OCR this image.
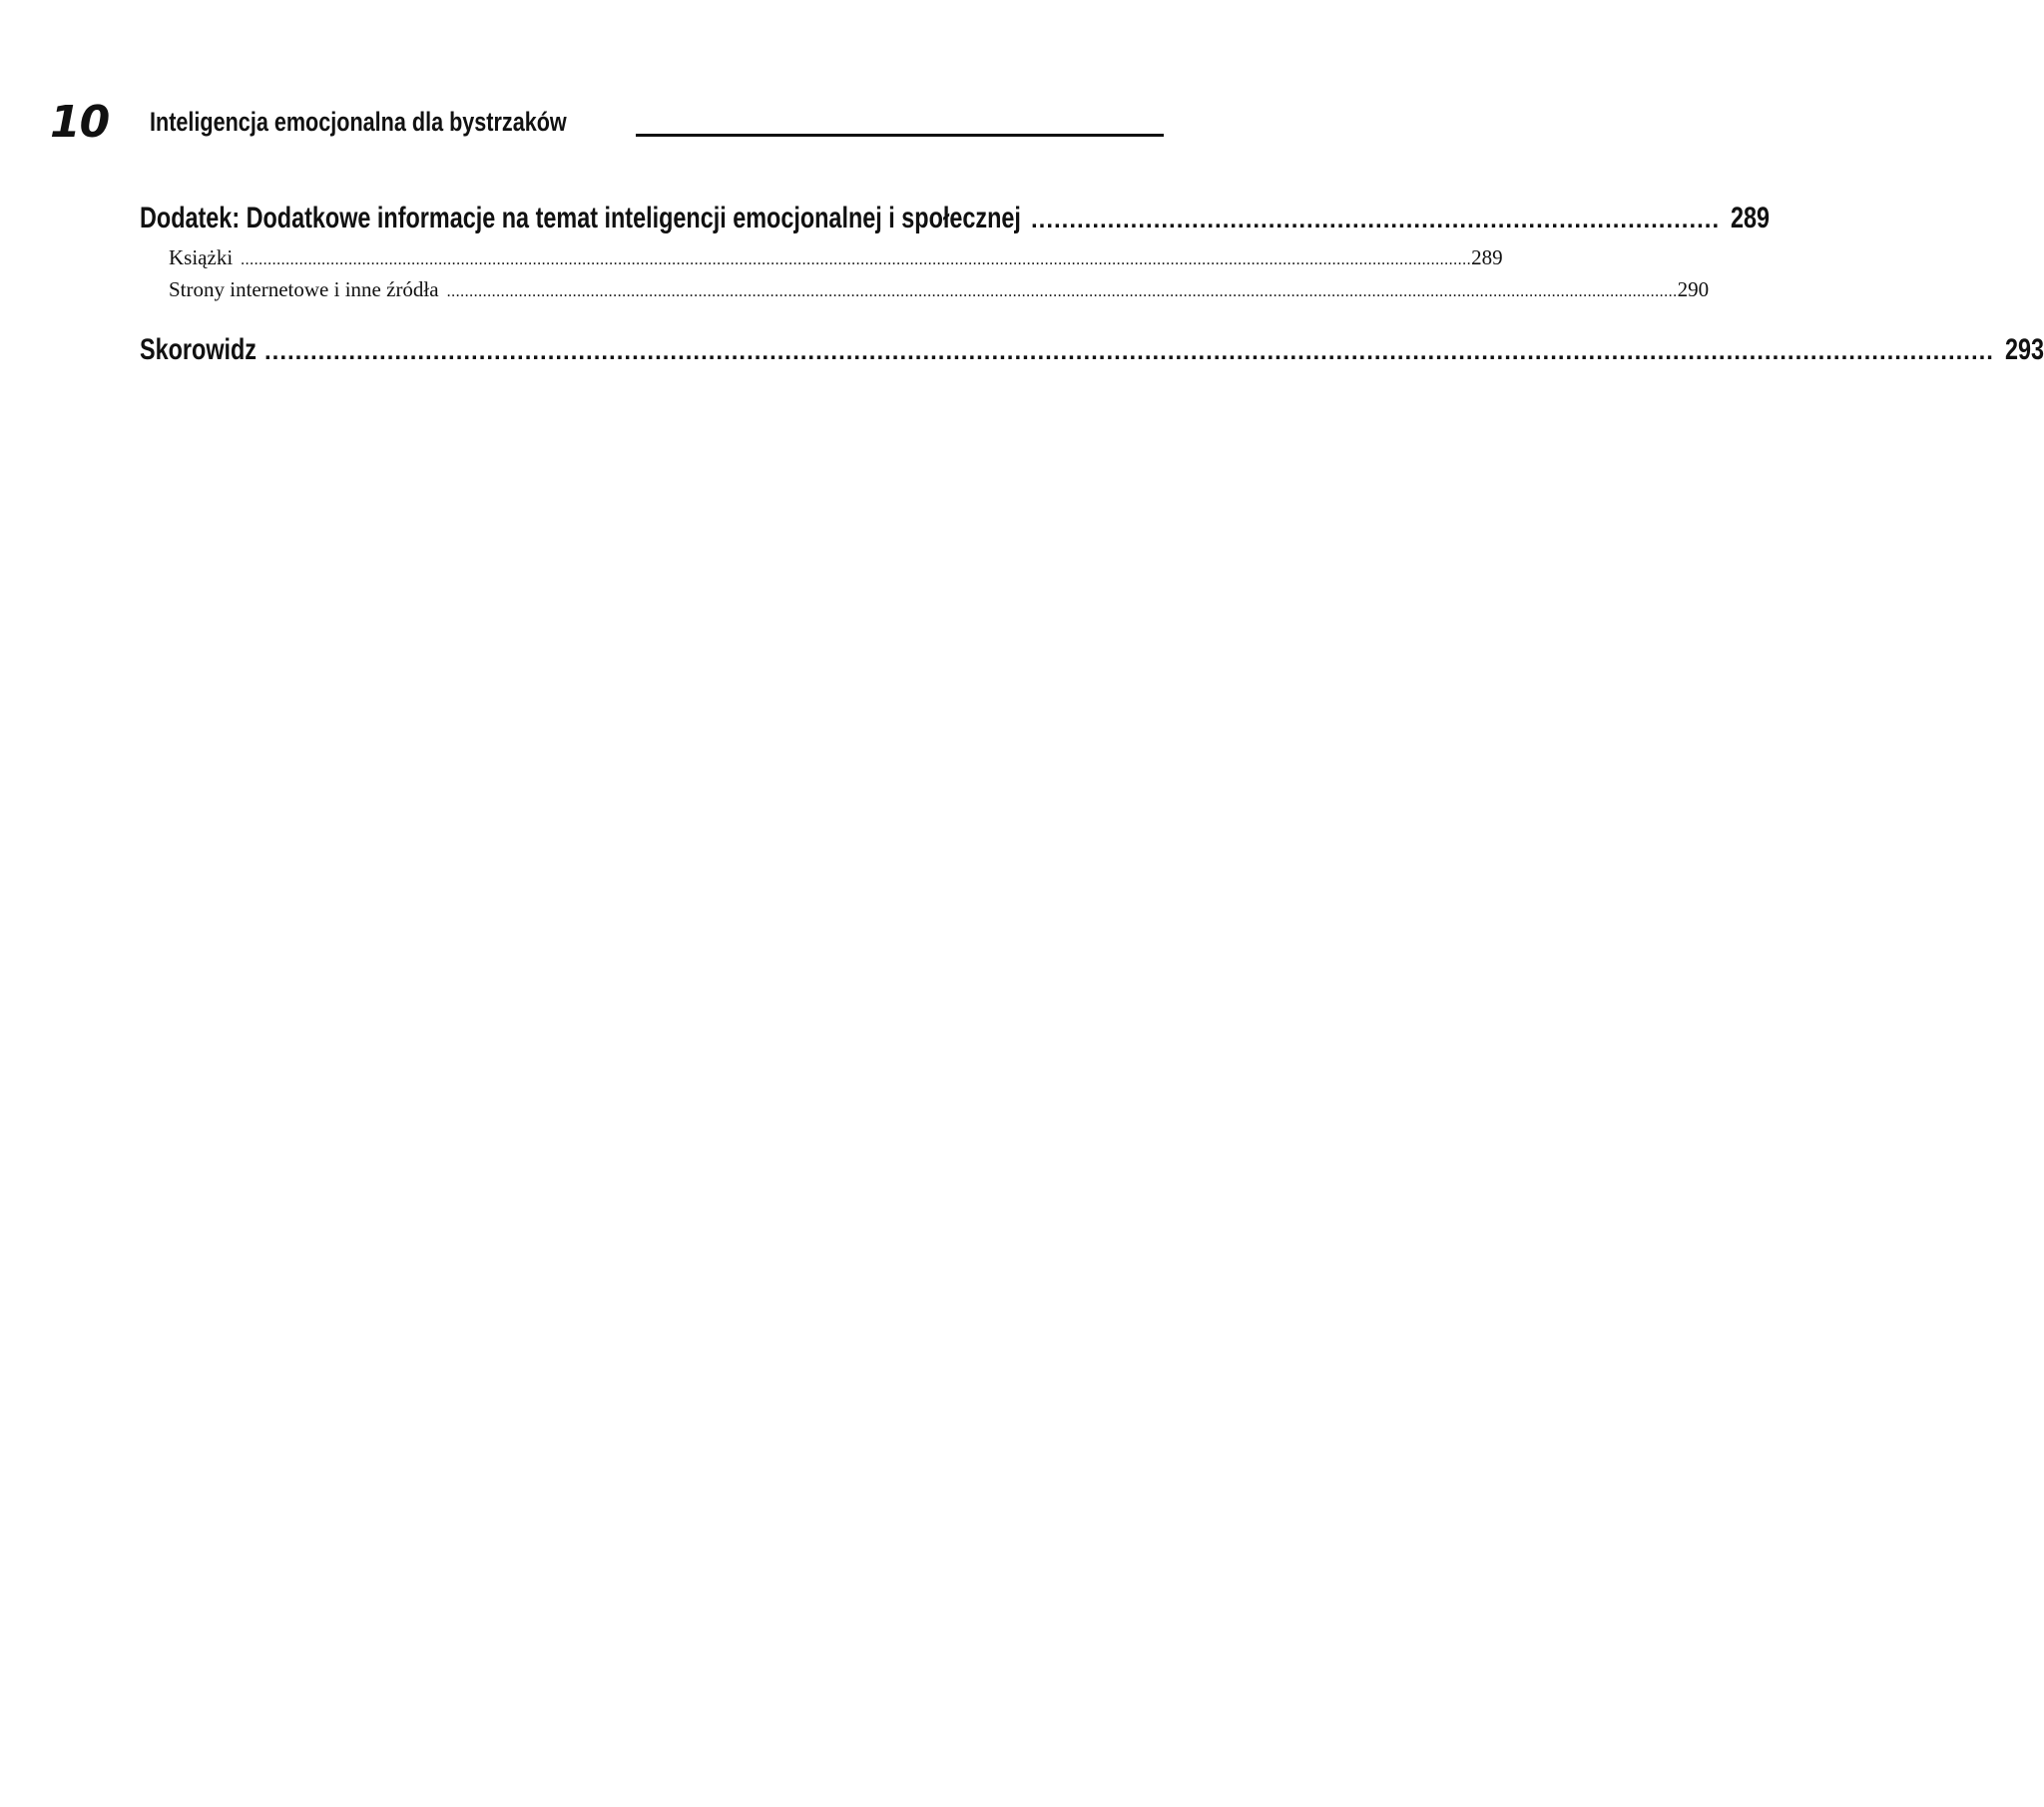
10 Inteligencja emocjonalna dla bystrzaków
Dodatek: Dodatkowe informacje na temat inteligencji emocjonalnej i społecznej .......................................................................................... 289
Książki .................................................................................................................................................................................................................................................................................. 289
Strony internetowe i inne źródła .................................................................................................................................................................................................................................................................................. 290
Skorowidz .................................................................................................................................................................................................................................. 293
